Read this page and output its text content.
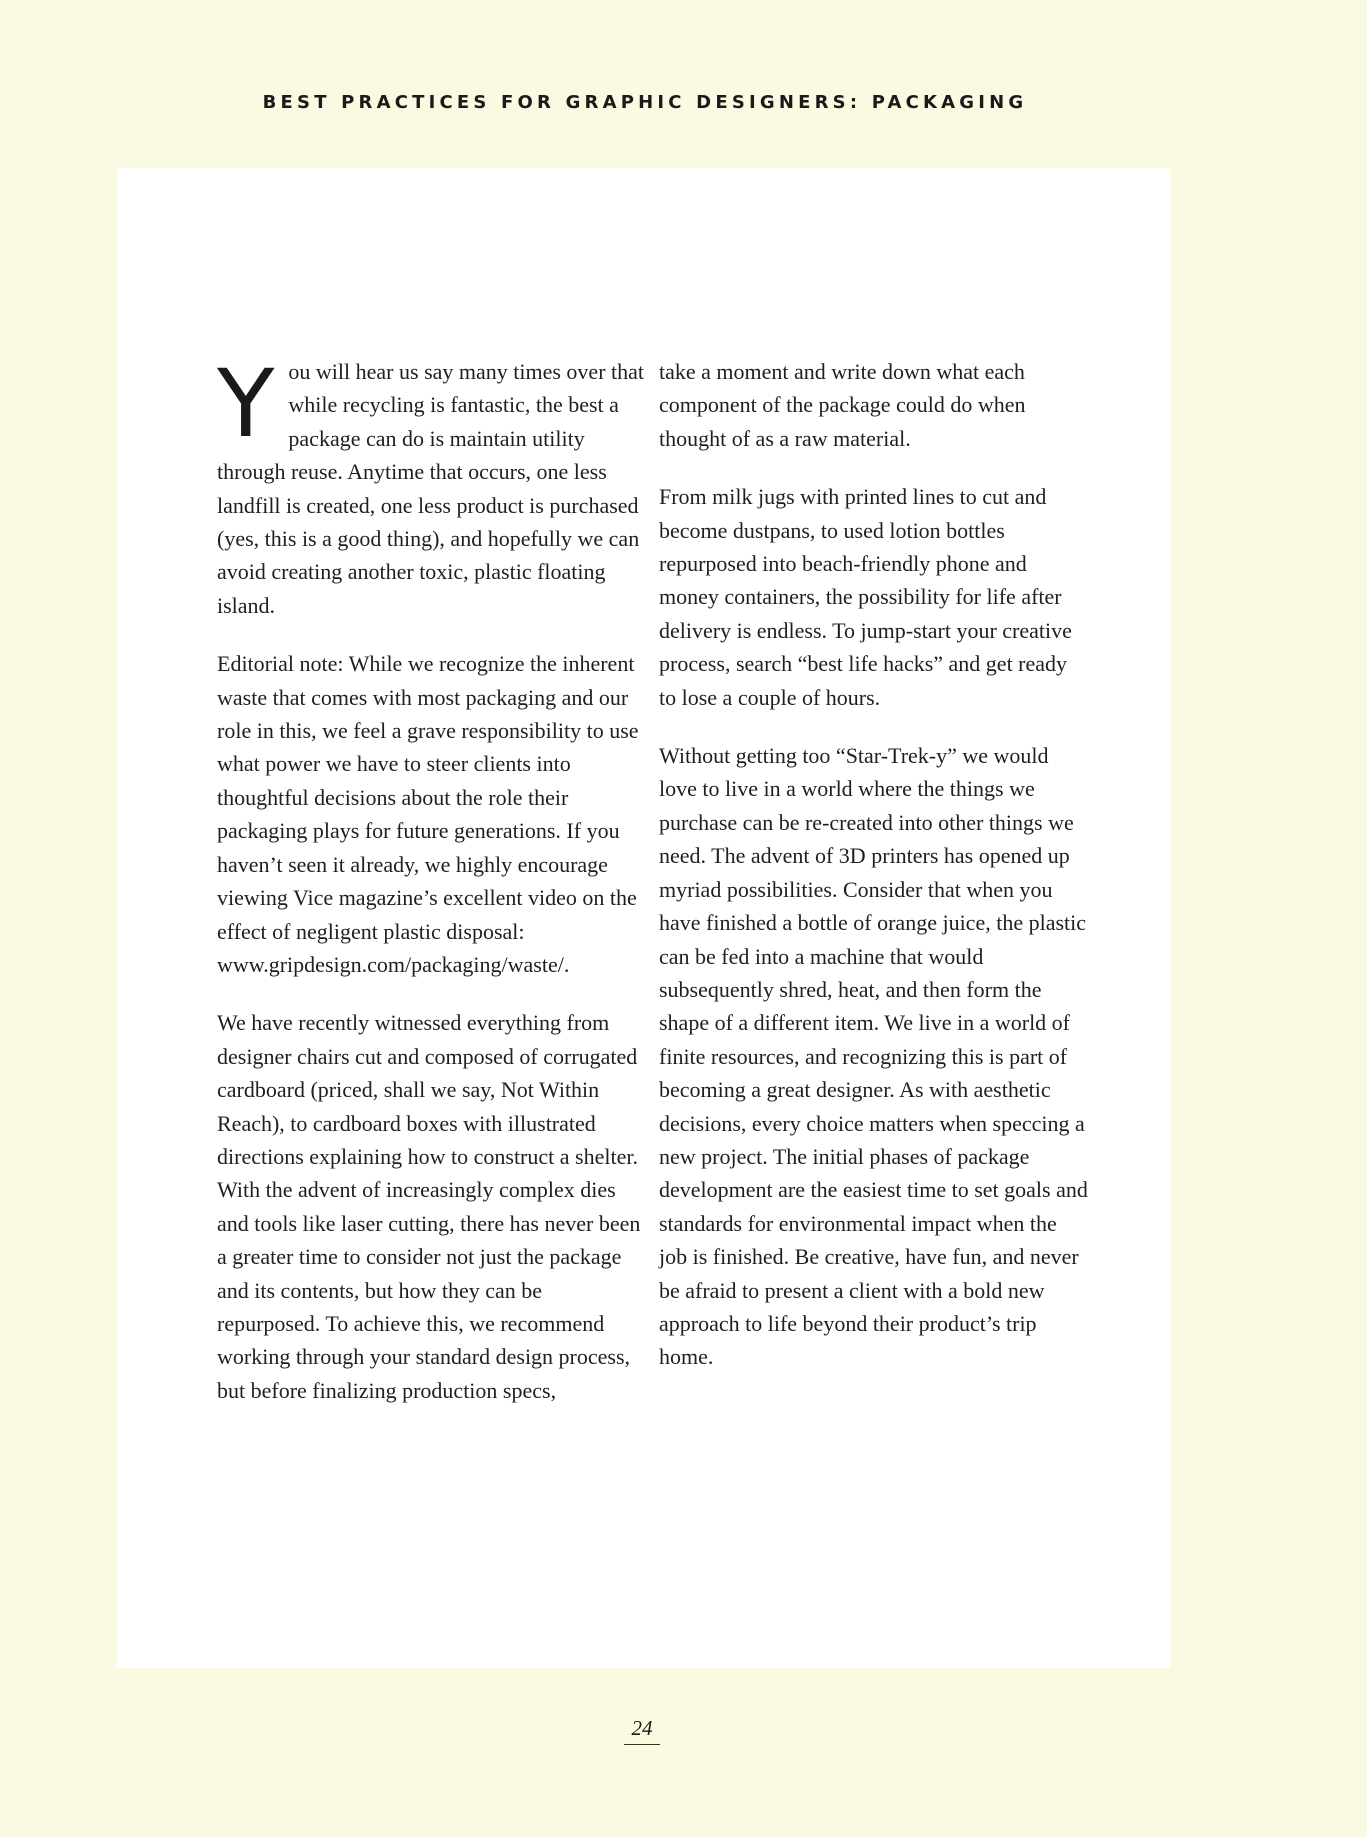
BEST PRACTICES FOR GRAPHIC DESIGNERS: PACKAGING

You will hear us say many times over that while recycling is fantastic, the best a package can do is maintain utility through reuse. Anytime that occurs, one less landfill is created, one less product is purchased (yes, this is a good thing), and hopefully we can avoid creating another toxic, plastic floating island.

Editorial note: While we recognize the inherent waste that comes with most packaging and our role in this, we feel a grave responsibility to use what power we have to steer clients into thoughtful decisions about the role their packaging plays for future generations. If you haven’t seen it already, we highly encourage viewing Vice magazine’s excellent video on the effect of negligent plastic disposal: www.gripdesign.com/packaging/waste/.

We have recently witnessed everything from designer chairs cut and composed of corrugated cardboard (priced, shall we say, Not Within Reach), to cardboard boxes with illustrated directions explaining how to construct a shelter. With the advent of increasingly complex dies and tools like laser cutting, there has never been a greater time to consider not just the package and its contents, but how they can be repurposed. To achieve this, we recommend working through your standard design process, but before finalizing production specs,

take a moment and write down what each component of the package could do when thought of as a raw material.

From milk jugs with printed lines to cut and become dustpans, to used lotion bottles repurposed into beach-friendly phone and money containers, the possibility for life after delivery is endless. To jump-start your creative process, search “best life hacks” and get ready to lose a couple of hours.

Without getting too “Star-Trek-y” we would love to live in a world where the things we purchase can be re-created into other things we need. The advent of 3D printers has opened up myriad possibilities. Consider that when you have finished a bottle of orange juice, the plastic can be fed into a machine that would subsequently shred, heat, and then form the shape of a different item. We live in a world of finite resources, and recognizing this is part of becoming a great designer. As with aesthetic decisions, every choice matters when speccing a new project. The initial phases of package development are the easiest time to set goals and standards for environmental impact when the job is finished. Be creative, have fun, and never be afraid to present a client with a bold new approach to life beyond their product’s trip home.

24
